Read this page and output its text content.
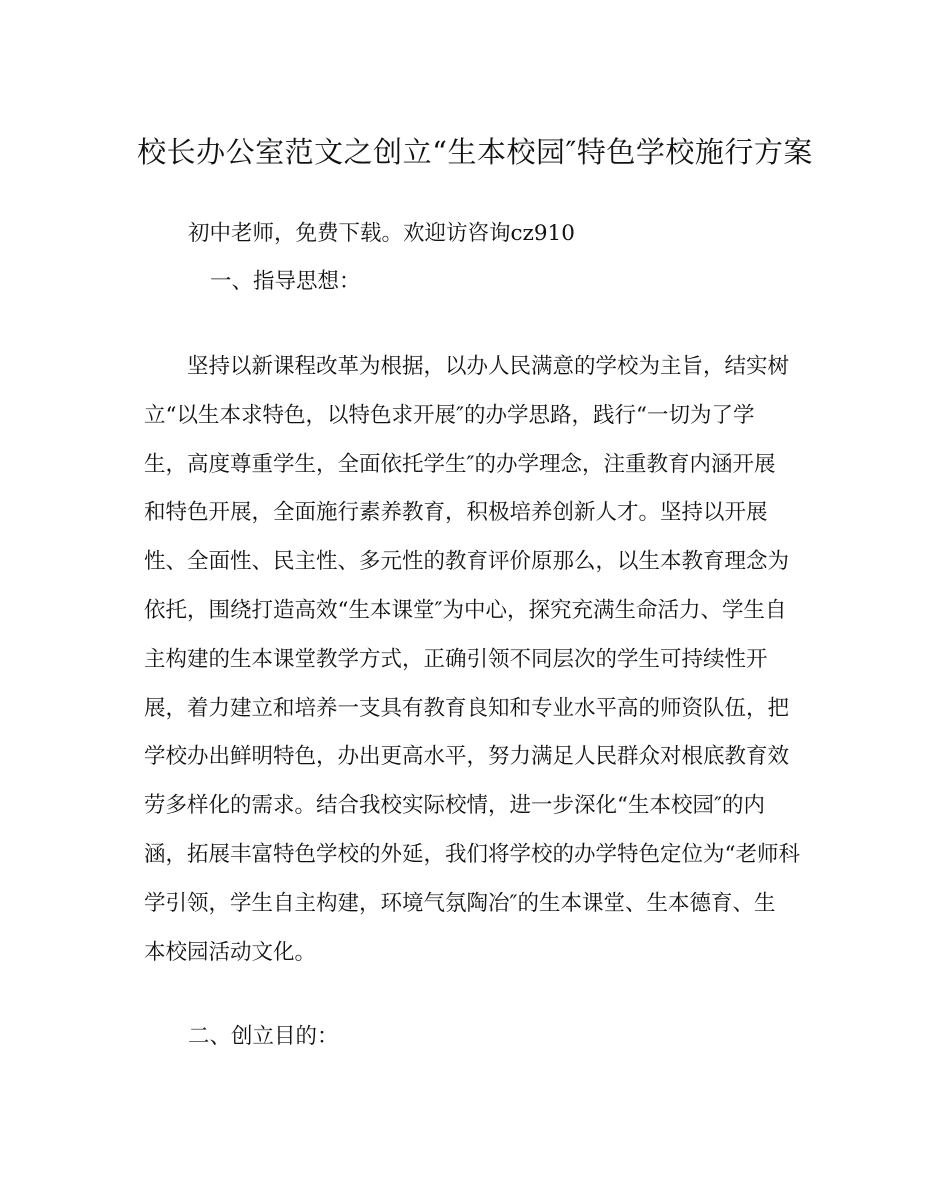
校长办公室范文之创立“生本校园″特色学校施行方案

初中老师，免费下载。欢迎访咨询cz910

一、指导思想：

坚持以新课程改革为根据，以办人民满意的学校为主旨，结实树

立“以生本求特色，以特色求开展″的办学思路，践行“一切为了学

生，高度尊重学生，全面依托学生″的办学理念，注重教育内涵开展

和特色开展，全面施行素养教育，积极培养创新人才。坚持以开展

性、全面性、民主性、多元性的教育评价原那么，以生本教育理念为

依托，围绕打造高效“生本课堂″为中心，探究充满生命活力、学生自

主构建的生本课堂教学方式，正确引领不同层次的学生可持续性开

展，着力建立和培养一支具有教育良知和专业水平高的师资队伍，把

学校办出鲜明特色，办出更高水平，努力满足人民群众对根底教育效

劳多样化的需求。结合我校实际校情，进一步深化“生本校园″的内

涵，拓展丰富特色学校的外延，我们将学校的办学特色定位为“老师科

学引领，学生自主构建，环境气氛陶冶″的生本课堂、生本德育、生

本校园活动文化。

二、创立目的：
